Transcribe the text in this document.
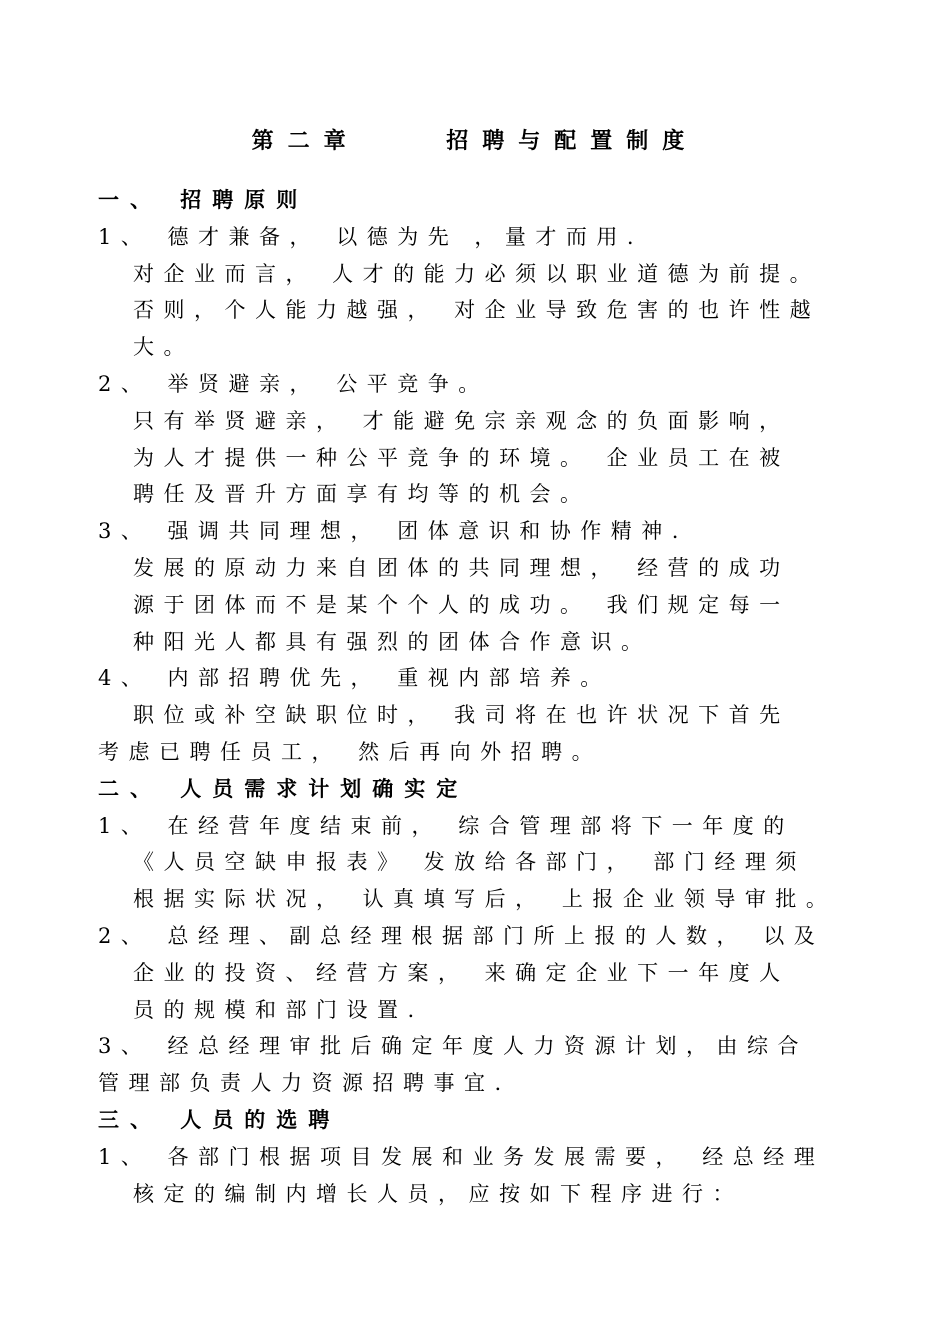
第二章    招聘与配置制度
一、 招聘原则
1、 德才兼备， 以德为先 ，量才而用.
对企业而言， 人才的能力必须以职业道德为前提。
否则，个人能力越强， 对企业导致危害的也许性越
大。
2、 举贤避亲， 公平竞争。
只有举贤避亲， 才能避免宗亲观念的负面影响，
为人才提供一种公平竞争的环境。 企业员工在被
聘任及晋升方面享有均等的机会。
3、 强调共同理想， 团体意识和协作精神.
发展的原动力来自团体的共同理想， 经营的成功
源于团体而不是某个个人的成功。 我们规定每一
种阳光人都具有强烈的团体合作意识。
4、 内部招聘优先， 重视内部培养。
职位或补空缺职位时， 我司将在也许状况下首先
考虑已聘任员工， 然后再向外招聘。
二、 人员需求计划确实定
1、 在经营年度结束前， 综合管理部将下一年度的
《人员空缺申报表》 发放给各部门， 部门经理须
根据实际状况， 认真填写后， 上报企业领导审批。
2、 总经理、副总经理根据部门所上报的人数， 以及
企业的投资、经营方案， 来确定企业下一年度人
员的规模和部门设置.
3、 经总经理审批后确定年度人力资源计划，由综合
管理部负责人力资源招聘事宜.
三、 人员的选聘
1、 各部门根据项目发展和业务发展需要， 经总经理
核定的编制内增长人员，应按如下程序进行：
